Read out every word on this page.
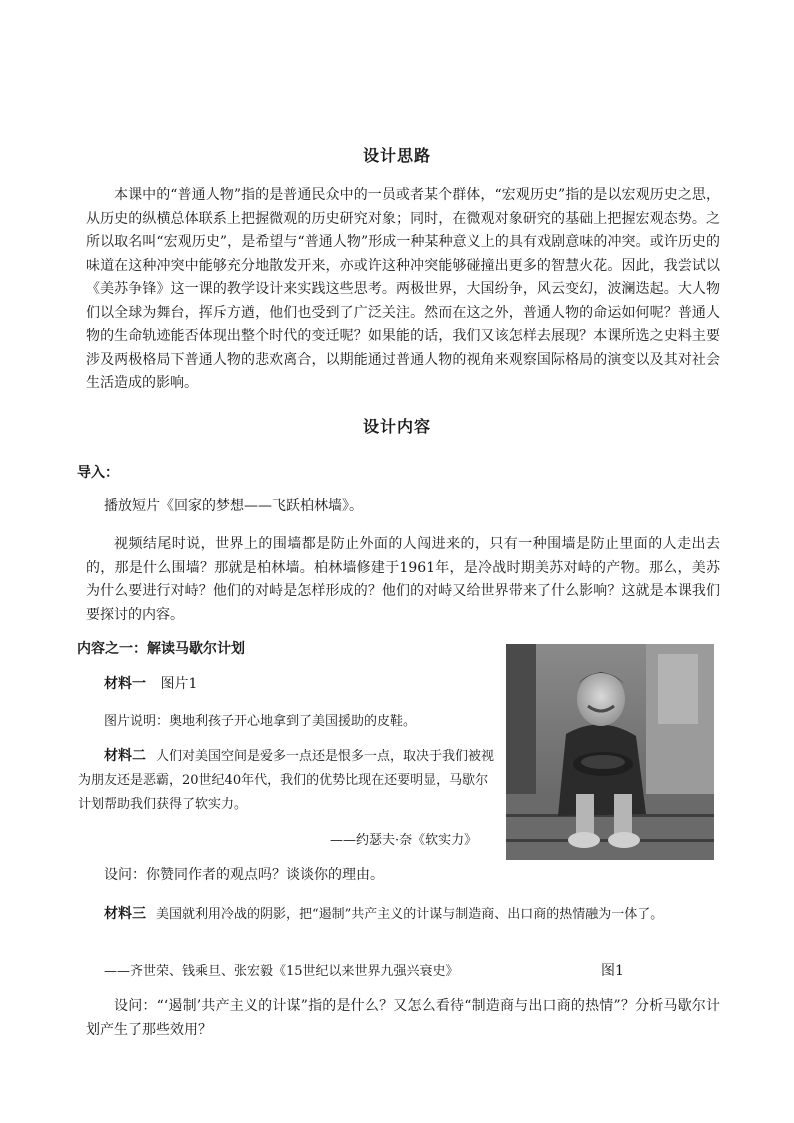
设计思路

本课中的“普通人物”指的是普通民众中的一员或者某个群体，“宏观历史”指的是以宏观历史之思，从历史的纵横总体联系上把握微观的历史研究对象；同时，在微观对象研究的基础上把握宏观态势。之所以取名叫“宏观历史”，是希望与“普通人物”形成一种某种意义上的具有戏剧意味的冲突。或许历史的味道在这种冲突中能够充分地散发开来，亦或许这种冲突能够碰撞出更多的智慧火花。因此，我尝试以《美苏争锋》这一课的教学设计来实践这些思考。两极世界，大国纷争，风云变幻，波澜迭起。大人物们以全球为舞台，挥斥方遒，他们也受到了广泛关注。然而在这之外，普通人物的命运如何呢？普通人物的生命轨迹能否体现出整个时代的变迁呢？如果能的话，我们又该怎样去展现？本课所选之史料主要涉及两极格局下普通人物的悲欢离合，以期能通过普通人物的视角来观察国际格局的演变以及其对社会生活造成的影响。

设计内容
导入：
播放短片《回家的梦想——飞跃柏林墙》。

视频结尾时说，世界上的围墙都是防止外面的人闯进来的，只有一种围墙是防止里面的人走出去的，那是什么围墙？那就是柏林墙。柏林墙修建于1961年，是冷战时期美苏对峙的产物。那么，美苏为什么要进行对峙？他们的对峙是怎样形成的？他们的对峙又给世界带来了什么影响？这就是本课我们要探讨的内容。

内容之一：解读马歇尔计划
材料一 图片1
图片说明：奥地利孩子开心地拿到了美国援助的皮鞋。

材料二 人们对美国空间是爱多一点还是恨多一点，取决于我们被视为朋友还是恶霸，20世纪40年代，我们的优势比现在还要明显，马歇尔计划帮助我们获得了软实力。

——约瑟夫·奈《软实力》
设问：你赞同作者的观点吗？谈谈你的理由。

材料三 美国就利用冷战的阴影，把“遏制”共产主义的计谋与制造商、出口商的热情融为一体了。

——齐世荣、钱乘旦、张宏毅《15世纪以来世界九强兴衰史》	图1

设问：“‘遏制’共产主义的计谋”指的是什么？又怎么看待“制造商与出口商的热情”？分析马歇尔计划产生了那些效用？
